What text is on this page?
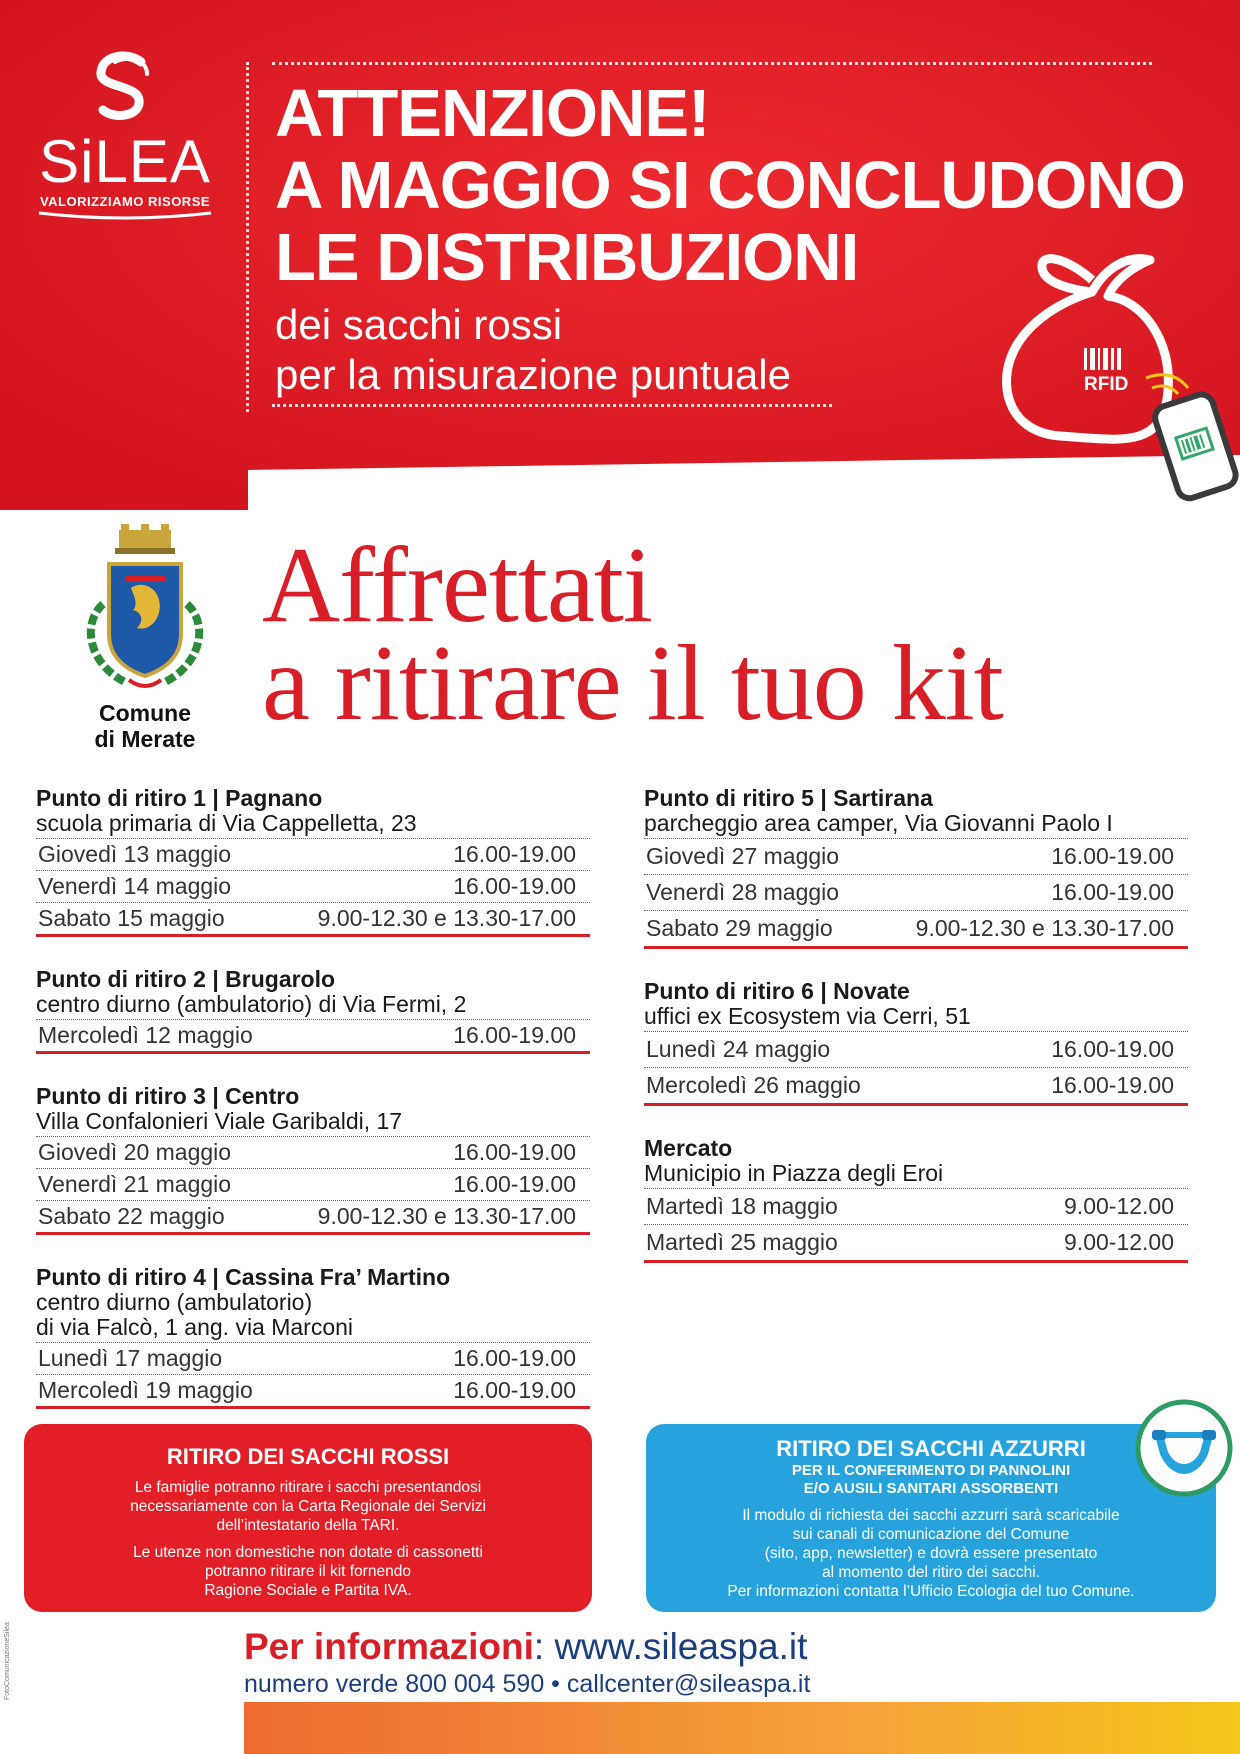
SiLEA
VALORIZZIAMO RISORSE
ATTENZIONE!
A MAGGIO SI CONCLUDONO
LE DISTRIBUZIONI
dei sacchi rossi
per la misurazione puntuale	RFID
Comune
di Merate
Affrettati
a ritirare il tuo kit
Punto di ritiro 1 | Pagnano
scuola primaria di Via Cappelletta, 23
Giovedì 13 maggio	16.00-19.00
Venerdì 14 maggio	16.00-19.00
Sabato 15 maggio	9.00-12.30 e 13.30-17.00
Punto di ritiro 2 | Brugarolo
centro diurno (ambulatorio) di Via Fermi, 2
Mercoledì 12 maggio	16.00-19.00
Punto di ritiro 3 | Centro
Villa Confalonieri Viale Garibaldi, 17
Giovedì 20 maggio	16.00-19.00
Venerdì 21 maggio	16.00-19.00
Sabato 22 maggio	9.00-12.30 e 13.30-17.00
Punto di ritiro 4 | Cassina Fra’ Martino
centro diurno (ambulatorio)
di via Falcò, 1 ang. via Marconi
Lunedì 17 maggio	16.00-19.00
Mercoledì 19 maggio	16.00-19.00
Punto di ritiro 5 | Sartirana
parcheggio area camper, Via Giovanni Paolo I
Giovedì 27 maggio	16.00-19.00
Venerdì 28 maggio	16.00-19.00
Sabato 29 maggio	9.00-12.30 e 13.30-17.00
Punto di ritiro 6 | Novate
uffici ex Ecosystem via Cerri, 51
Lunedì 24 maggio	16.00-19.00
Mercoledì 26 maggio	16.00-19.00
Mercato
Municipio in Piazza degli Eroi
Martedì 18 maggio	9.00-12.00
Martedì 25 maggio	9.00-12.00
RITIRO DEI SACCHI ROSSI
Le famiglie potranno ritirare i sacchi presentandosi
necessariamente con la Carta Regionale dei Servizi
dell’intestatario della TARI.
Le utenze non domestiche non dotate di cassonetti
potranno ritirare il kit fornendo
Ragione Sociale e Partita IVA.
RITIRO DEI SACCHI AZZURRI
PER IL CONFERIMENTO DI PANNOLINI
E/O AUSILI SANITARI ASSORBENTI
Il modulo di richiesta dei sacchi azzurri sarà scaricabile
sui canali di comunicazione del Comune
(sito, app, newsletter) e dovrà essere presentato
al momento del ritiro dei sacchi.
Per informazioni contatta l’Ufficio Ecologia del tuo Comune.
Per informazioni: www.sileaspa.it
numero verde 800 004 590 • callcenter@sileaspa.it
FotoComunicazioneSilea
